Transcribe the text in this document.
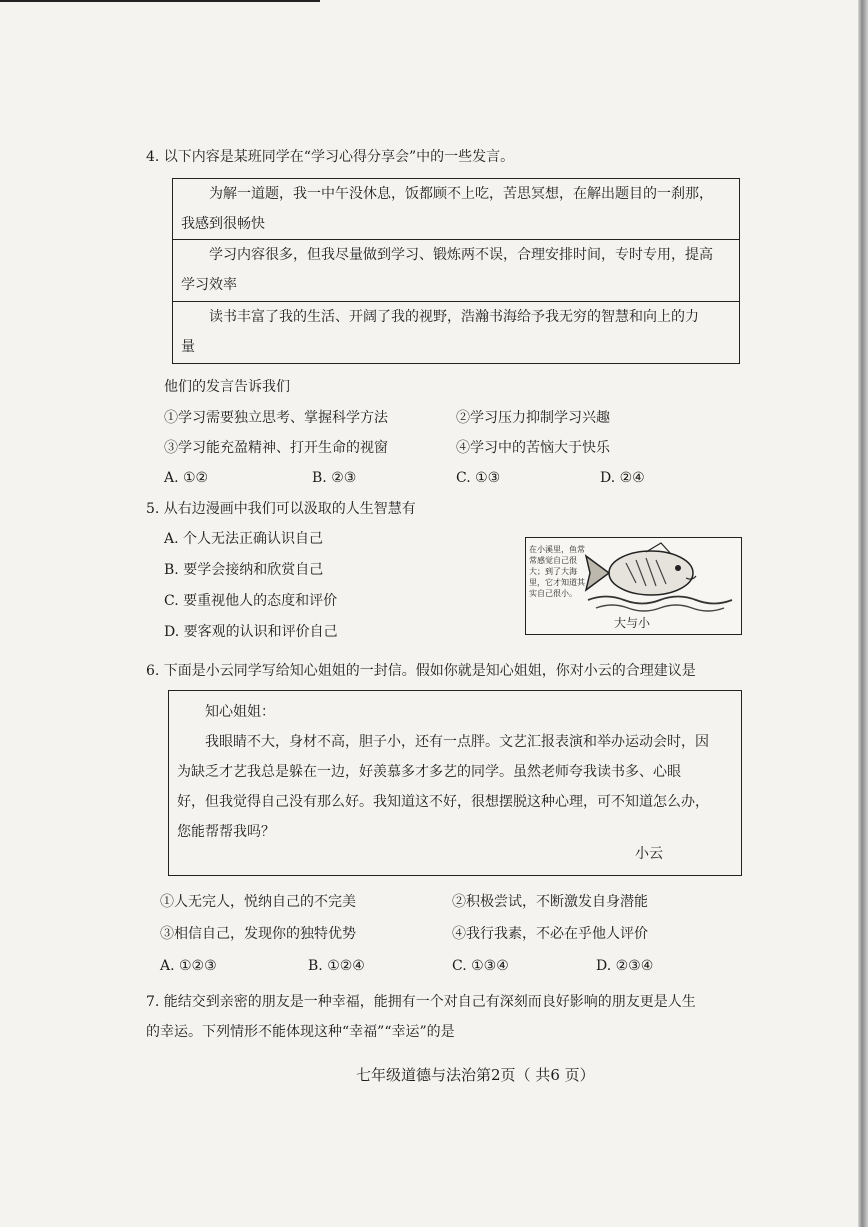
4. 以下内容是某班同学在“学习心得分享会”中的一些发言。

为解一道题，我一中午没休息，饭都顾不上吃，苦思冥想，在解出题目的一刹那，

我感到很畅快

学习内容很多，但我尽量做到学习、锻炼两不误，合理安排时间，专时专用，提高

学习效率

读书丰富了我的生活、开阔了我的视野，浩瀚书海给予我无穷的智慧和向上的力

量

他们的发言告诉我们
①学习需要独立思考、掌握科学方法	②学习压力抑制学习兴趣
③学习能充盈精神、打开生命的视窗	④学习中的苦恼大于快乐
A. ①②	B. ②③	C. ①③	D. ②④
5. 从右边漫画中我们可以汲取的人生智慧有
A. 个人无法正确认识自己
B. 要学会接纳和欣赏自己
C. 要重视他人的态度和评价
D. 要客观的认识和评价自己
在小溪里，鱼常常感觉自己很大；到了大海里，它才知道其实自己很小。
大与小
6. 下面是小云同学写给知心姐姐的一封信。假如你就是知心姐姐，你对小云的合理建议是

知心姐姐：

我眼睛不大，身材不高，胆子小，还有一点胖。文艺汇报表演和举办运动会时，因

为缺乏才艺我总是躲在一边，好羡慕多才多艺的同学。虽然老师夸我读书多、心眼

好，但我觉得自己没有那么好。我知道这不好，很想摆脱这种心理，可不知道怎么办，

您能帮帮我吗？

小云
①人无完人，悦纳自己的不完美	②积极尝试，不断激发自身潜能
③相信自己，发现你的独特优势	④我行我素，不必在乎他人评价
A. ①②③	B. ①②④	C. ①③④	D. ②③④
7. 能结交到亲密的朋友是一种幸福，能拥有一个对自己有深刻而良好影响的朋友更是人生
的幸运。下列情形不能体现这种“幸福”“幸运”的是
七年级道德与法治第2页（ 共6 页）
